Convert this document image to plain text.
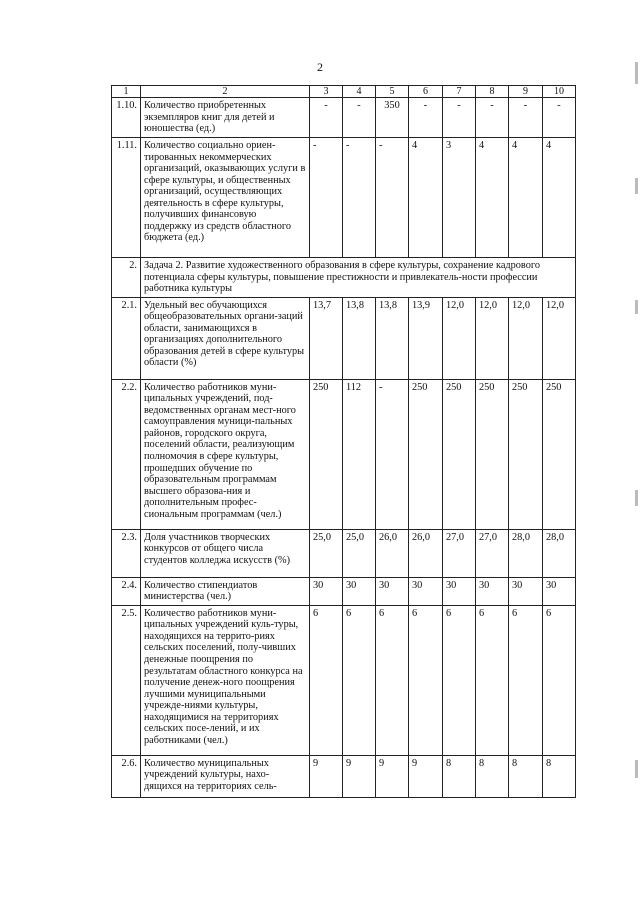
2
1	2	3	4	5	6	7	8	9	10
1.10.	Количество приобретенных экземпляров книг для детей и юношества (ед.)	-	-	350	-	-	-	-	-
1.11.	Количество социально ориен-тированных некоммерческих организаций, оказывающих услуги в сфере культуры, и общественных организаций, осуществляющих деятельность в сфере культуры, получивших финансовую поддержку из средств областного бюджета (ед.)	-	-	-	4	3	4	4	4
2.	Задача 2. Развитие художественного образования в сфере культуры, сохранение кадрового потенциала сферы культуры, повышение престижности и привлекатель-ности профессии работника культуры								
2.1.	Удельный вес обучающихся общеобразовательных органи-заций области, занимающихся в организациях дополнительного образования детей в сфере культуры области (%)	13,7	13,8	13,8	13,9	12,0	12,0	12,0	12,0
2.2.	Количество работников муни-ципальных учреждений, под-ведомственных органам мест-ного самоуправления муници-пальных районов, городского округа, поселений области, реализующим полномочия в сфере культуры, прошедших обучение по образовательным программам высшего образова-ния и дополнительным профес-сиональным программам (чел.)	250	112	-	250	250	250	250	250
2.3.	Доля участников творческих конкурсов от общего числа студентов колледжа искусств (%)	25,0	25,0	26,0	26,0	27,0	27,0	28,0	28,0
2.4.	Количество стипендиатов министерства (чел.)	30	30	30	30	30	30	30	30
2.5.	Количество работников муни-ципальных учреждений куль-туры, находящихся на террито-риях сельских поселений, полу-чивших денежные поощрения по результатам областного конкурса на получение денеж-ного поощрения лучшими муниципальными учрежде-ниями культуры, находящимися на территориях сельских посе-лений, и их работниками (чел.)	6	6	6	6	6	6	6	6
2.6.	Количество муниципальных учреждений культуры, нахо-дящихся на территориях сель-	9	9	9	9	8	8	8	8
